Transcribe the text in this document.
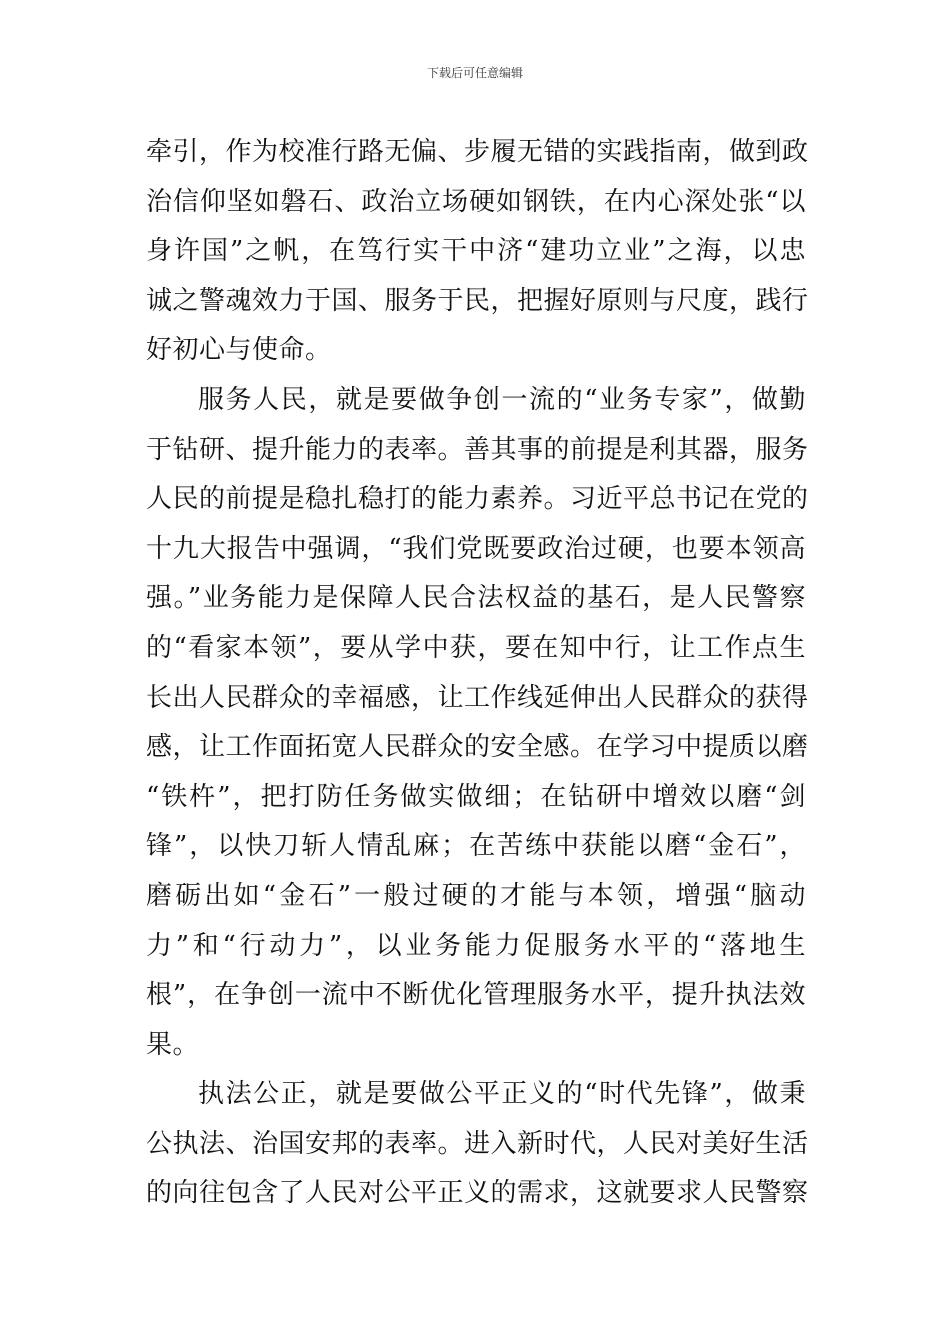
下载后可任意编辑
牵引，作为校准行路无偏、步履无错的实践指南，做到政
治信仰坚如磐石、政治立场硬如钢铁，在内心深处张“以
身许国”之帆，在笃行实干中济“建功立业”之海，以忠
诚之警魂效力于国、服务于民，把握好原则与尺度，践行
好初心与使命。
服务人民，就是要做争创一流的“业务专家”，做勤
于钻研、提升能力的表率。善其事的前提是利其器，服务
人民的前提是稳扎稳打的能力素养。习近平总书记在党的
十九大报告中强调，“我们党既要政治过硬，也要本领高
强。”业务能力是保障人民合法权益的基石，是人民警察
的“看家本领”，要从学中获，要在知中行，让工作点生
长出人民群众的幸福感，让工作线延伸出人民群众的获得
感，让工作面拓宽人民群众的安全感。在学习中提质以磨
“铁杵”，把打防任务做实做细；在钻研中增效以磨“剑
锋”，以快刀斩人情乱麻；在苦练中获能以磨“金石”，
磨砺出如“金石”一般过硬的才能与本领，增强“脑动
力”和“行动力”，以业务能力促服务水平的“落地生
根”，在争创一流中不断优化管理服务水平，提升执法效
果。
执法公正，就是要做公平正义的“时代先锋”，做秉
公执法、治国安邦的表率。进入新时代，人民对美好生活
的向往包含了人民对公平正义的需求，这就要求人民警察
